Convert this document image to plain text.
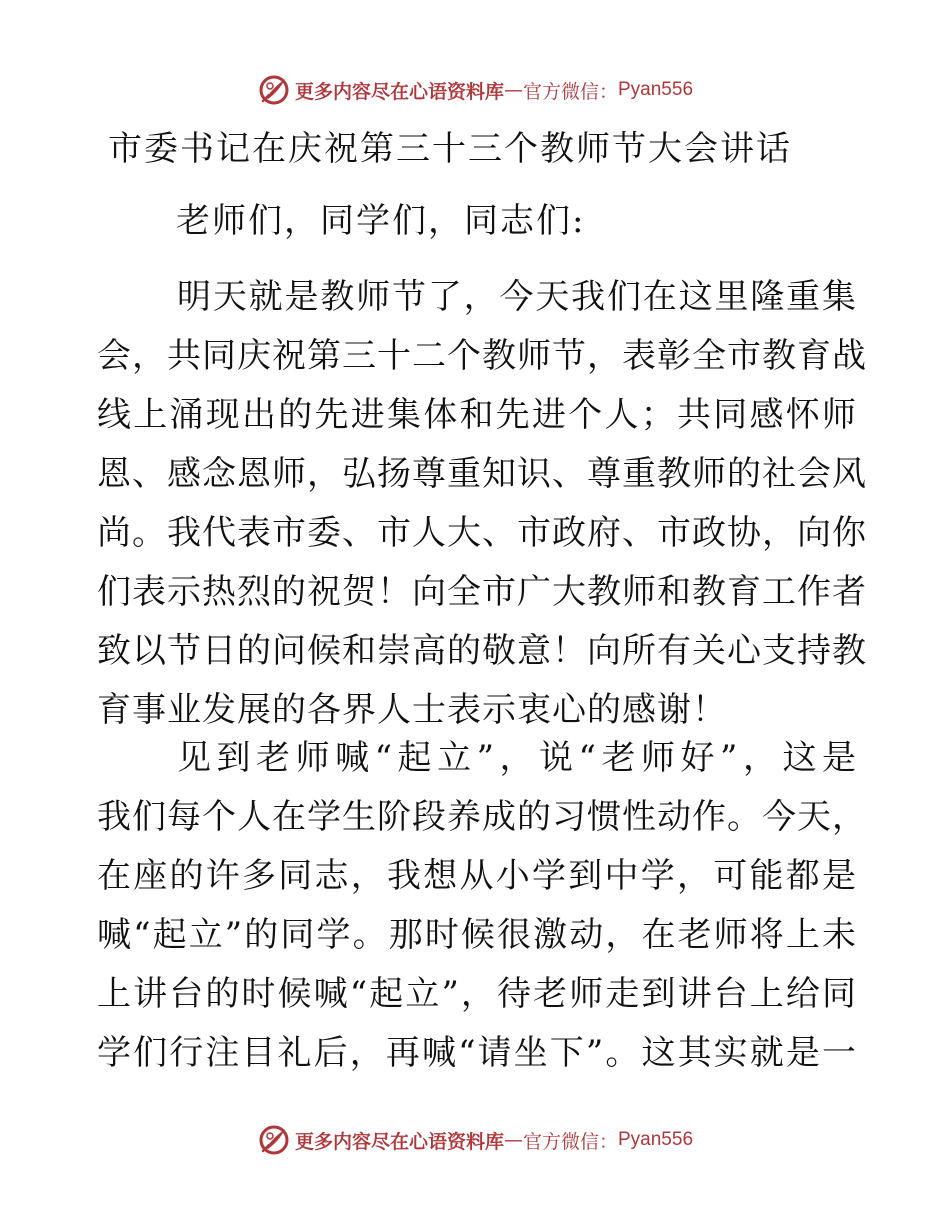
更多内容尽在心语资料库 — 官方微信： Pyan556
市委书记在庆祝第三十三个教师节大会讲话
老师们，同学们，同志们:
明天就是教师节了，今天我们在这里隆重集
会，共同庆祝第三十二个教师节，表彰全市教育战
线上涌现出的先进集体和先进个人；共同感怀师
恩、感念恩师，弘扬尊重知识、尊重教师的社会风
尚。我代表市委、市人大、市政府、市政协，向你
们表示热烈的祝贺！向全市广大教师和教育工作者
致以节日的问候和崇高的敬意！向所有关心支持教
育事业发展的各界人士表示衷心的感谢！
见到老师喊“起立”，说“老师好”，这是
我们每个人在学生阶段养成的习惯性动作。今天，
在座的许多同志，我想从小学到中学，可能都是
喊“起立”的同学。那时候很激动，在老师将上未
上讲台的时候喊“起立”，待老师走到讲台上给同
学们行注目礼后，再喊“请坐下”。这其实就是一
更多内容尽在心语资料库 — 官方微信： Pyan556
